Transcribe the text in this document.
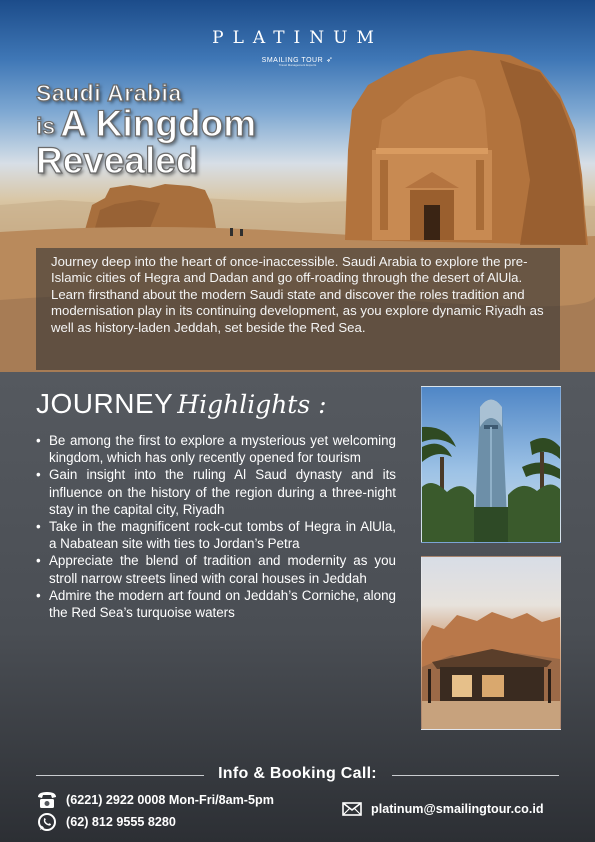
PLATINUM
SMAILING TOUR ➶
Travel Management Experts
Saudi Arabia
is A Kingdom
Revealed
Journey deep into the heart of once-inaccessible. Saudi Arabia to explore the pre-Islamic cities of Hegra and Dadan and go off-roading through the desert of AlUla. Learn firsthand about the modern Saudi state and discover the roles tradition and modernisation play in its continuing development, as you explore dynamic Riyadh as well as history-laden Jeddah, set beside the Red Sea.
JOURNEY Highlights :
• Be among the first to explore a mysterious yet welcoming kingdom, which has only recently opened for tourism
• Gain insight into the ruling Al Saud dynasty and its influence on the history of the region during a three-night stay in the capital city, Riyadh
• Take in the magnificent rock-cut tombs of Hegra in AlUla, a Nabatean site with ties to Jordan’s Petra
• Appreciate the blend of tradition and modernity as you stroll narrow streets lined with coral houses in Jeddah
• Admire the modern art found on Jeddah’s Corniche, along the Red Sea’s turquoise waters
Info & Booking Call:
(6221) 2922 0008 Mon-Fri/8am-5pm
(62) 812 9555 8280
platinum@smailingtour.co.id
